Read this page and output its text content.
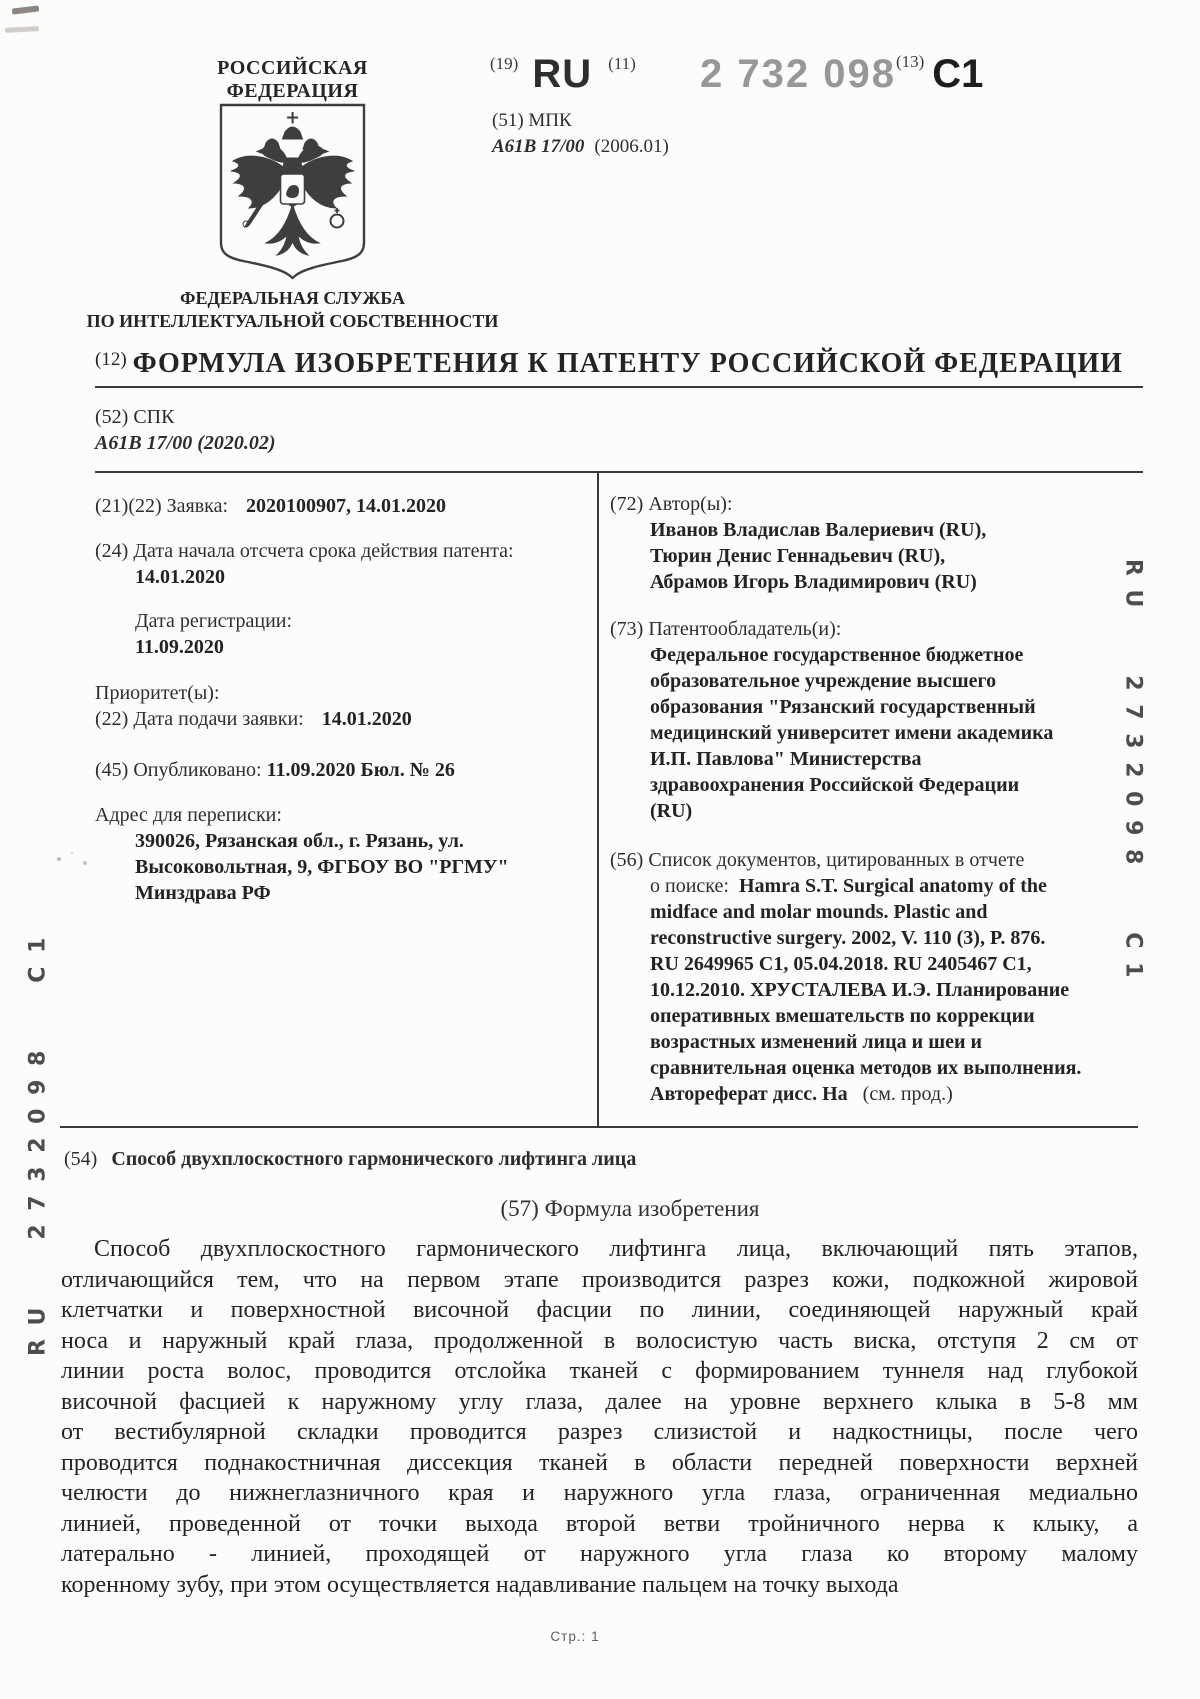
РОССИЙСКАЯ ФЕДЕРАЦИЯ
ФЕДЕРАЛЬНАЯ СЛУЖБА
ПО ИНТЕЛЛЕКТУАЛЬНОЙ СОБСТВЕННОСТИ
(19) RU (11) 2 732 098(13) C1
(51) МПК
A61B 17/00 (2006.01)
$^{(12)}$ ФОРМУЛА ИЗОБРЕТЕНИЯ К ПАТЕНТУ РОССИЙСКОЙ ФЕДЕРАЦИИ
(52) СПК
A61B 17/00 (2020.02)
(21)(22) Заявка: 2020100907, 14.01.2020
(24) Дата начала отсчета срока действия патента:
14.01.2020
Дата регистрации:
11.09.2020
Приоритет(ы):
(22) Дата подачи заявки: 14.01.2020
(45) Опубликовано: 11.09.2020 Бюл. № 26
Адрес для переписки:
390026, Рязанская обл., г. Рязань, ул.
Высоковольтная, 9, ФГБОУ ВО "РГМУ"
Минздрава РФ
(72) Автор(ы):
Иванов Владислав Валериевич (RU),
Тюрин Денис Геннадьевич (RU),
Абрамов Игорь Владимирович (RU)
(73) Патентообладатель(и):
Федеральное государственное бюджетное
образовательное учреждение высшего
образования "Рязанский государственный
медицинский университет имени академика
И.П. Павлова" Министерства
здравоохранения Российской Федерации
(RU)
(56) Список документов, цитированных в отчете
о поиске: Hamra S.T. Surgical anatomy of the
midface and molar mounds. Plastic and
reconstructive surgery. 2002, V. 110 (3), P. 876.
RU 2649965 C1, 05.04.2018. RU 2405467 C1,
10.12.2010. ХРУСТАЛЕВА И.Э. Планирование
оперативных вмешательств по коррекции
возрастных изменений лица и шеи и
сравнительная оценка методов их выполнения.
Автореферат дисс. На (см. прод.)
(54) Способ двухплоскостного гармонического лифтинга лица
(57) Формула изобретения
Способ двухплоскостного гармонического лифтинга лица, включающий пять этапов,
отличающийся тем, что на первом этапе производится разрез кожи, подкожной жировой
клетчатки и поверхностной височной фасции по линии, соединяющей наружный край
носа и наружный край глаза, продолженной в волосистую часть виска, отступя 2 см от
линии роста волос, проводится отслойка тканей с формированием туннеля над глубокой
височной фасцией к наружному углу глаза, далее на уровне верхнего клыка в 5-8 мм
от вестибулярной складки проводится разрез слизистой и надкостницы, после чего
проводится поднакостничная диссекция тканей в области передней поверхности верхней
челюсти до нижнеглазничного края и наружного угла глаза, ограниченная медиально
линией, проведенной от точки выхода второй ветви тройничного нерва к клыку, а
латерально - линией, проходящей от наружного угла глаза ко второму малому
коренному зубу, при этом осуществляется надавливание пальцем на точку выхода
RU 2732098 C1
RU 2732098 C1
Стр.: 1
